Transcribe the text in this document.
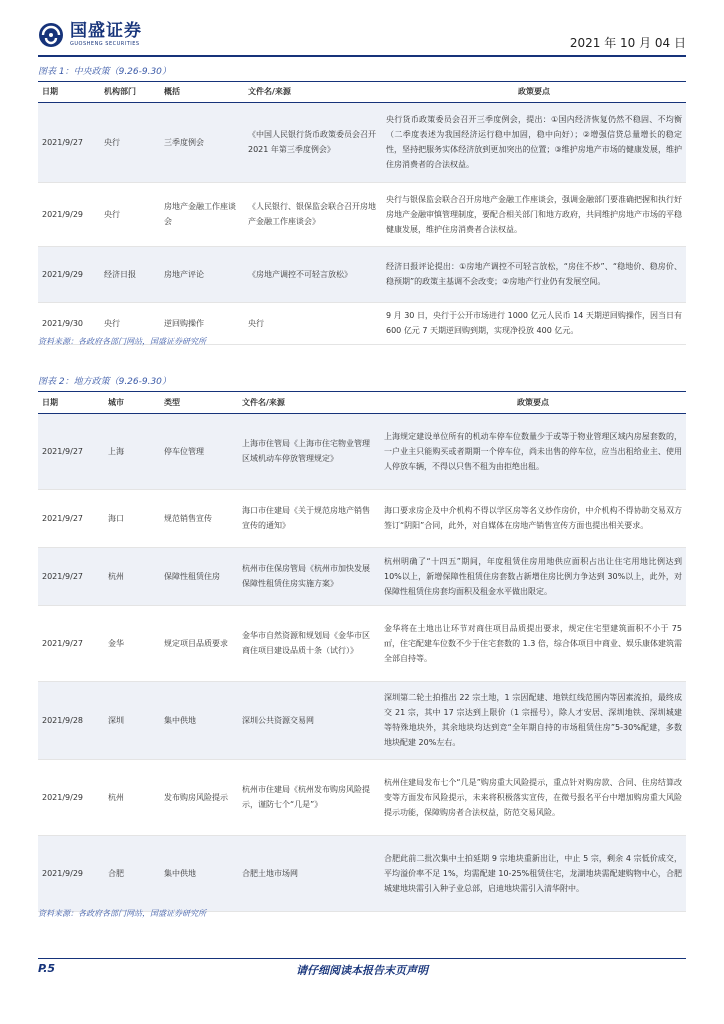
国盛证券
GUOSHENG SECURITIES	2021 年 10 月 04 日
图表 1：中央政策（9.26-9.30）
日期	机构部门	概括	文件名/来源	政策要点
2021/9/27	央行	三季度例会	《中国人民银行货币政策委员会召开 2021 年第三季度例会》	央行货币政策委员会召开三季度例会，提出：①国内经济恢复仍然不稳固、不均衡（二季度表述为我国经济运行稳中加固，稳中向好）；②增强信贷总量增长的稳定性，坚持把服务实体经济放到更加突出的位置；③维护房地产市场的健康发展，维护住房消费者的合法权益。
2021/9/29	央行	房地产金融工作座谈会	《人民银行、银保监会联合召开房地产金融工作座谈会》	央行与银保监会联合召开房地产金融工作座谈会，强调金融部门要准确把握和执行好房地产金融审慎管理制度，要配合相关部门和地方政府，共同维护房地产市场的平稳健康发展，维护住房消费者合法权益。
2021/9/29	经济日报	房地产评论	《房地产调控不可轻言放松》	经济日报评论提出：①房地产调控不可轻言放松，“房住不炒”、“稳地价、稳房价、稳预期”的政策主基调不会改变；②房地产行业仍有发展空间。
2021/9/30	央行	逆回购操作	央行	9 月 30 日，央行于公开市场进行 1000 亿元人民币 14 天期逆回购操作，因当日有 600 亿元 7 天期逆回购到期，实现净投放 400 亿元。
资料来源：各政府各部门网站，国盛证券研究所
图表 2：地方政策（9.26-9.30）
日期	城市	类型	文件名/来源	政策要点
2021/9/27	上海	停车位管理	上海市住管局《上海市住宅物业管理区域机动车停放管理规定》	上海规定建设单位所有的机动车停车位数量少于或等于物业管理区域内房屋套数的，一户业主只能购买或者期期一个停车位，尚未出售的停车位，应当出租给业主、使用人停放车辆，不得以只售不租为由拒绝出租。
2021/9/27	海口	规范销售宣传	海口市住建局《关于规范房地产销售宣传的通知》	海口要求房企及中介机构不得以学区房等名义炒作房价，中介机构不得协助交易双方签订“阴阳”合同，此外，对自媒体在房地产销售宣传方面也提出相关要求。
2021/9/27	杭州	保障性租赁住房	杭州市住保房管局《杭州市加快发展保障性租赁住房实施方案》	杭州明确了“十四五”期间，年度租赁住房用地供应面积占出让住宅用地比例达到 10%以上，新增保障性租赁住房套数占新增住房比例力争达到 30%以上，此外，对保障性租赁住房套均面积及租金水平做出限定。
2021/9/27	金华	规定项目品质要求	金华市自然资源和规划局《金华市区商住项目建设品质十条（试行）》	金华将在土地出让环节对商住项目品质提出要求，规定住宅型建筑面积不小于 75 ㎡，住宅配建车位数不少于住宅套数的 1.3 倍，综合体项目中商业、娱乐康体建筑需全部自持等。
2021/9/28	深圳	集中供地	深圳公共资源交易网	深圳第二轮土拍推出 22 宗土地，1 宗因配建、地铁红线范围内等因素流拍，最终成交 21 宗，其中 17 宗达到上限价（1 宗摇号），除人才安居、深圳地铁、深圳城建等特殊地块外，其余地块均达到竞“全年期自持的市场租赁住房”5-30%配建，多数地块配建 20%左右。
2021/9/29	杭州	发布购房风险提示	杭州市住建局《杭州发布购房风险提示，谨防七个“几是”》	杭州住建局发布七个“几是”购房重大风险提示，重点针对购房款、合同、住房结算改变等方面发布风险提示，未来将积极落实宣传，在微号报名平台中增加购房重大风险提示功能，保障购房者合法权益，防范交易风险。
2021/9/29	合肥	集中供地	合肥土地市场网	合肥此前二批次集中土拍延期 9 宗地块重新出让，中止 5 宗，剩余 4 宗低价成交，平均溢价率不足 1%，均需配建 10-25%租赁住宅，龙湖地块需配建购物中心，合肥城建地块需引入种子业总部，启迪地块需引入清华附中。
资料来源：各政府各部门网站，国盛证券研究所
P.5	请仔细阅读本报告末页声明
